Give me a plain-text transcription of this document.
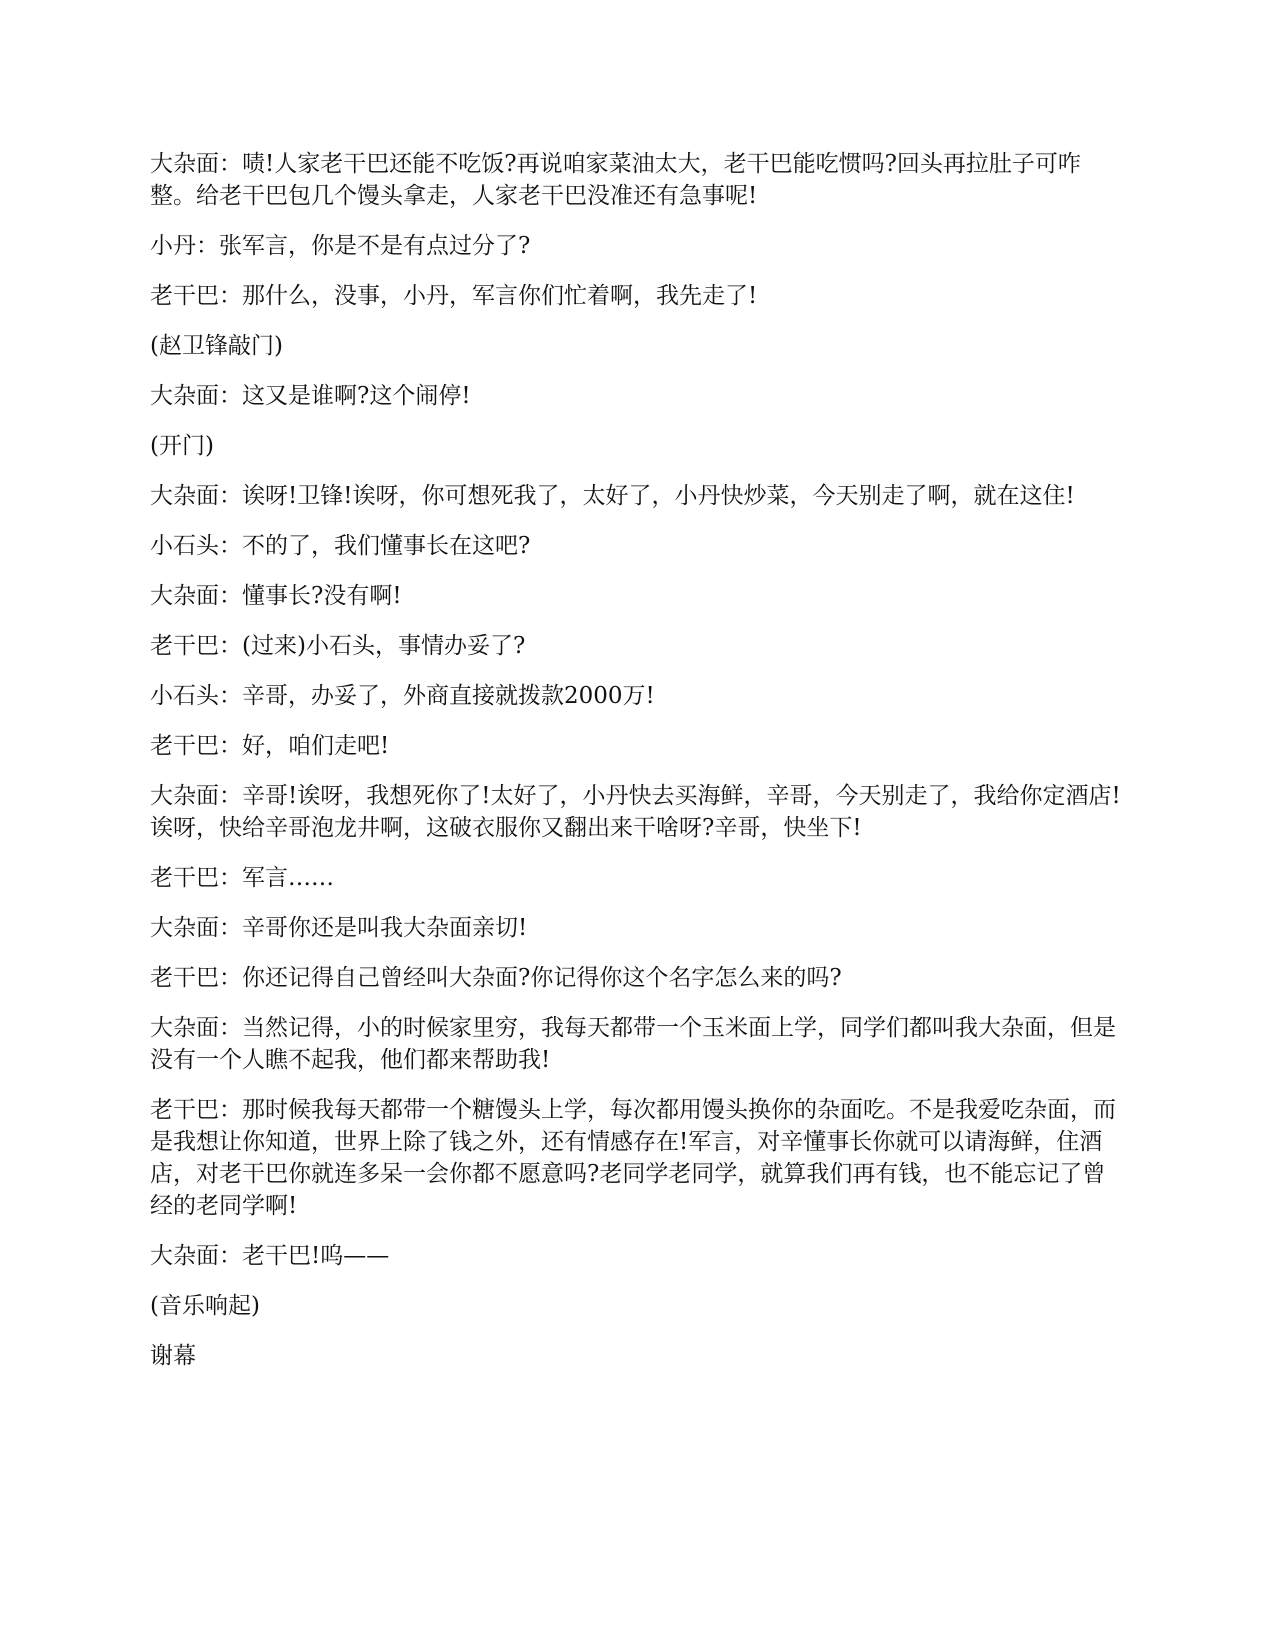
大杂面：啧!人家老干巴还能不吃饭?再说咱家菜油太大，老干巴能吃惯吗?回头再拉肚子可咋整。给老干巴包几个馒头拿走，人家老干巴没准还有急事呢!

小丹：张军言，你是不是有点过分了?

老干巴：那什么，没事，小丹，军言你们忙着啊，我先走了!

(赵卫锋敲门)

大杂面：这又是谁啊?这个闹停!

(开门)

大杂面：诶呀!卫锋!诶呀，你可想死我了，太好了，小丹快炒菜，今天别走了啊，就在这住!

小石头：不的了，我们懂事长在这吧?

大杂面：懂事长?没有啊!

老干巴：(过来)小石头，事情办妥了?

小石头：辛哥，办妥了，外商直接就拨款2000万!

老干巴：好，咱们走吧!

大杂面：辛哥!诶呀，我想死你了!太好了，小丹快去买海鲜，辛哥，今天别走了，我给你定酒店!诶呀，快给辛哥泡龙井啊，这破衣服你又翻出来干啥呀?辛哥，快坐下!

老干巴：军言……

大杂面：辛哥你还是叫我大杂面亲切!

老干巴：你还记得自己曾经叫大杂面?你记得你这个名字怎么来的吗?

大杂面：当然记得，小的时候家里穷，我每天都带一个玉米面上学，同学们都叫我大杂面，但是没有一个人瞧不起我，他们都来帮助我!

老干巴：那时候我每天都带一个糖馒头上学，每次都用馒头换你的杂面吃。不是我爱吃杂面，而是我想让你知道，世界上除了钱之外，还有情感存在!军言，对辛懂事长你就可以请海鲜，住酒店，对老干巴你就连多呆一会你都不愿意吗?老同学老同学，就算我们再有钱，也不能忘记了曾经的老同学啊!

大杂面：老干巴!呜——

(音乐响起)

谢幕
